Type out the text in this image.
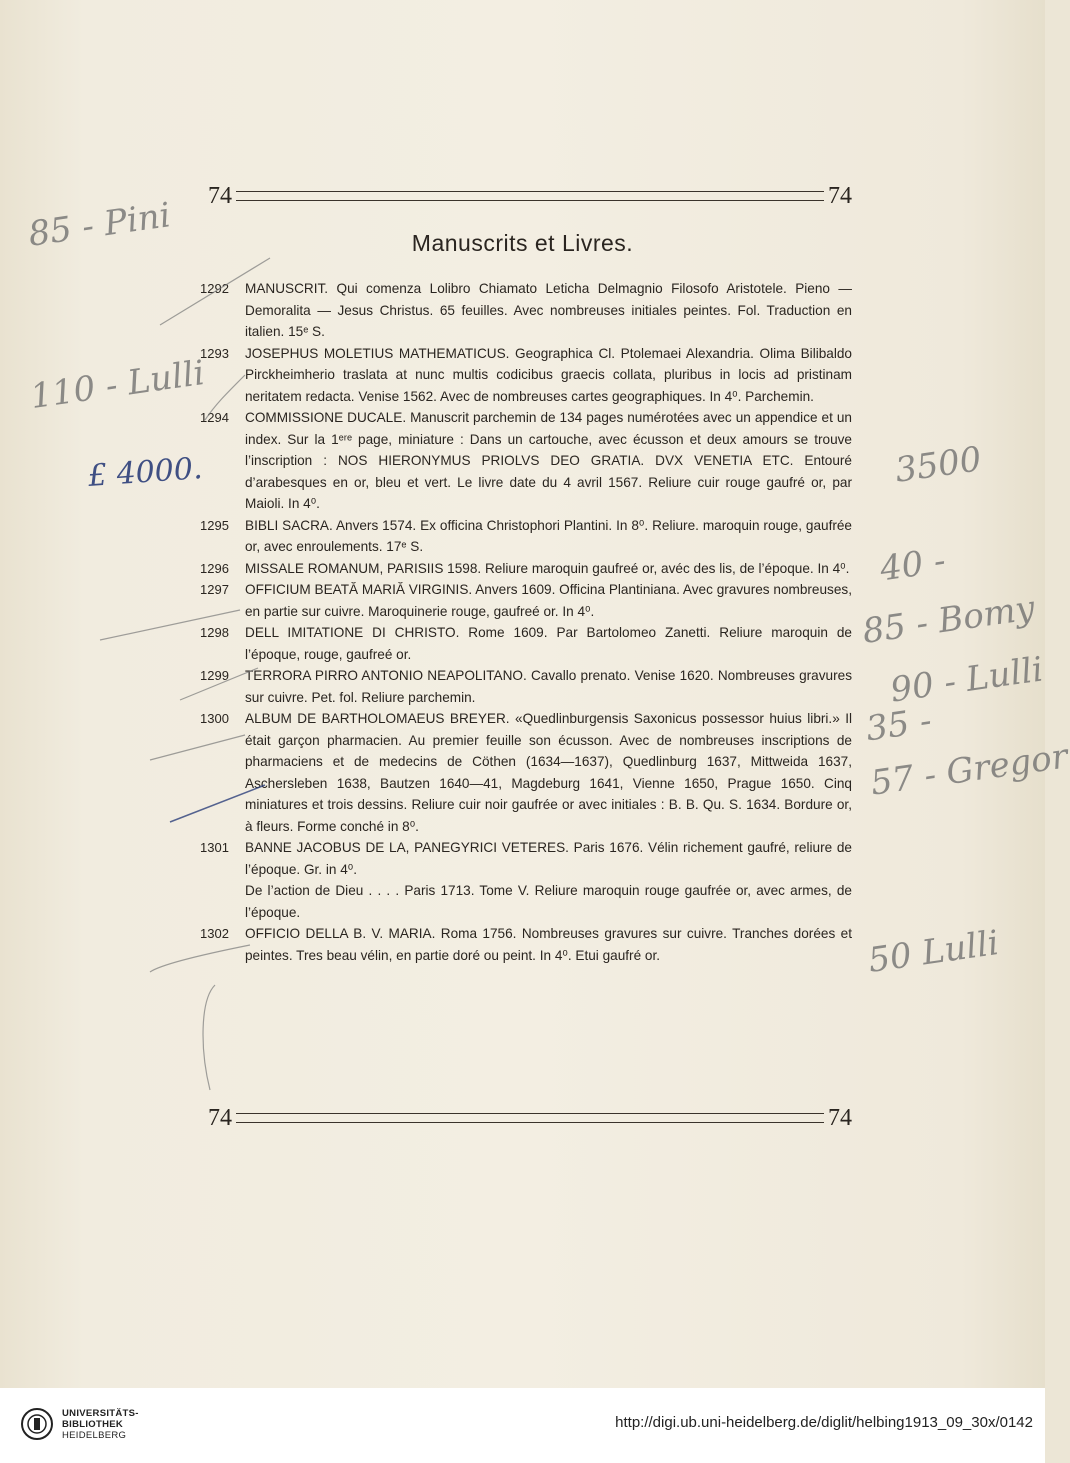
74	74
Manuscrits et Livres.

1292	MANUSCRIT. Qui comenza Lolibro Chiamato Leticha Delmagnio Filosofo Aristotele. Pieno — Demoralita — Jesus Christus. 65 feuilles. Avec nombreuses initiales peintes. Fol. Traduction en italien. 15ᵉ S.

1293	JOSEPHUS MOLETIUS MATHEMATICUS. Geographica Cl. Ptolemaei Alexandria. Olima Bilibaldo Pirckheimherio traslata at nunc multis codicibus graecis collata, pluribus in locis ad pristinam neritatem redacta. Venise 1562. Avec de nombreuses cartes geographiques. In 4⁰. Parchemin.

1294	COMMISSIONE DUCALE. Manuscrit parchemin de 134 pages numérotées avec un appendice et un index. Sur la 1ᵉʳᵉ page, miniature : Dans un cartouche, avec écusson et deux amours se trouve l’inscription : NOS HIERONYMUS PRIOLVS DEO GRATIA. DVX VENETIA ETC. Entouré d’arabesques en or, bleu et vert. Le livre date du 4 avril 1567. Reliure cuir rouge gaufré or, par Maioli. In 4⁰.

1295	BIBLI SACRA. Anvers 1574. Ex officina Christophori Plantini. In 8⁰. Reliure. maroquin rouge, gaufrée or, avec enroulements. 17ᵉ S.

1296	MISSALE ROMANUM, PARISIIS 1598. Reliure maroquin gaufreé or, avéc des lis, de l’époque. In 4⁰.

1297	OFFICIUM BEATĂ MARIĂ VIRGINIS. Anvers 1609. Officina Plantiniana. Avec gravures nombreuses, en partie sur cuivre. Maroquinerie rouge, gaufreé or. In 4⁰.

1298	DELL IMITATIONE DI CHRISTO. Rome 1609. Par Bartolomeo Zanetti. Reliure maroquin de l’époque, rouge, gaufreé or.

1299	TERRORA PIRRO ANTONIO NEAPOLITANO. Cavallo prenato. Venise 1620. Nombreuses gravures sur cuivre. Pet. fol. Reliure parchemin.

1300	ALBUM DE BARTHOLOMAEUS BREYER. «Quedlinburgensis Saxonicus possessor huius libri.» Il était garçon pharmacien. Au premier feuille son écusson. Avec de nombreuses inscriptions de pharmaciens et de medecins de Cöthen (1634—1637), Quedlinburg 1637, Mittweida 1637, Aschersleben 1638, Bautzen 1640—41, Magdeburg 1641, Vienne 1650, Prague 1650. Cinq miniatures et trois dessins. Reliure cuir noir gaufrée or avec initiales : B. B. Qu. S. 1634. Bordure or, à fleurs. Forme conché in 8⁰.

1301	BANNE JACOBUS DE LA, PANEGYRICI VETERES. Paris 1676. Vélin richement gaufré, reliure de l’époque. Gr. in 4⁰.
De l’action de Dieu . . . . Paris 1713. Tome V. Reliure maroquin rouge gaufrée or, avec armes, de l’époque.

1302	OFFICIO DELLA B. V. MARIA. Roma 1756. Nombreuses gravures sur cuivre. Tranches dorées et peintes. Tres beau vélin, en partie doré ou peint. In 4⁰. Etui gaufré or.

74	74
85 - Pini
110 - Lulli
£ 4000.	3500
40 -
85 - Bomy
90 - Lulli
35 -
57 - Gregor
50 Lulli
UNIVERSITÄTS-
BIBLIOTHEK
HEIDELBERG
http://digi.ub.uni-heidelberg.de/diglit/helbing1913_09_30x/0142
